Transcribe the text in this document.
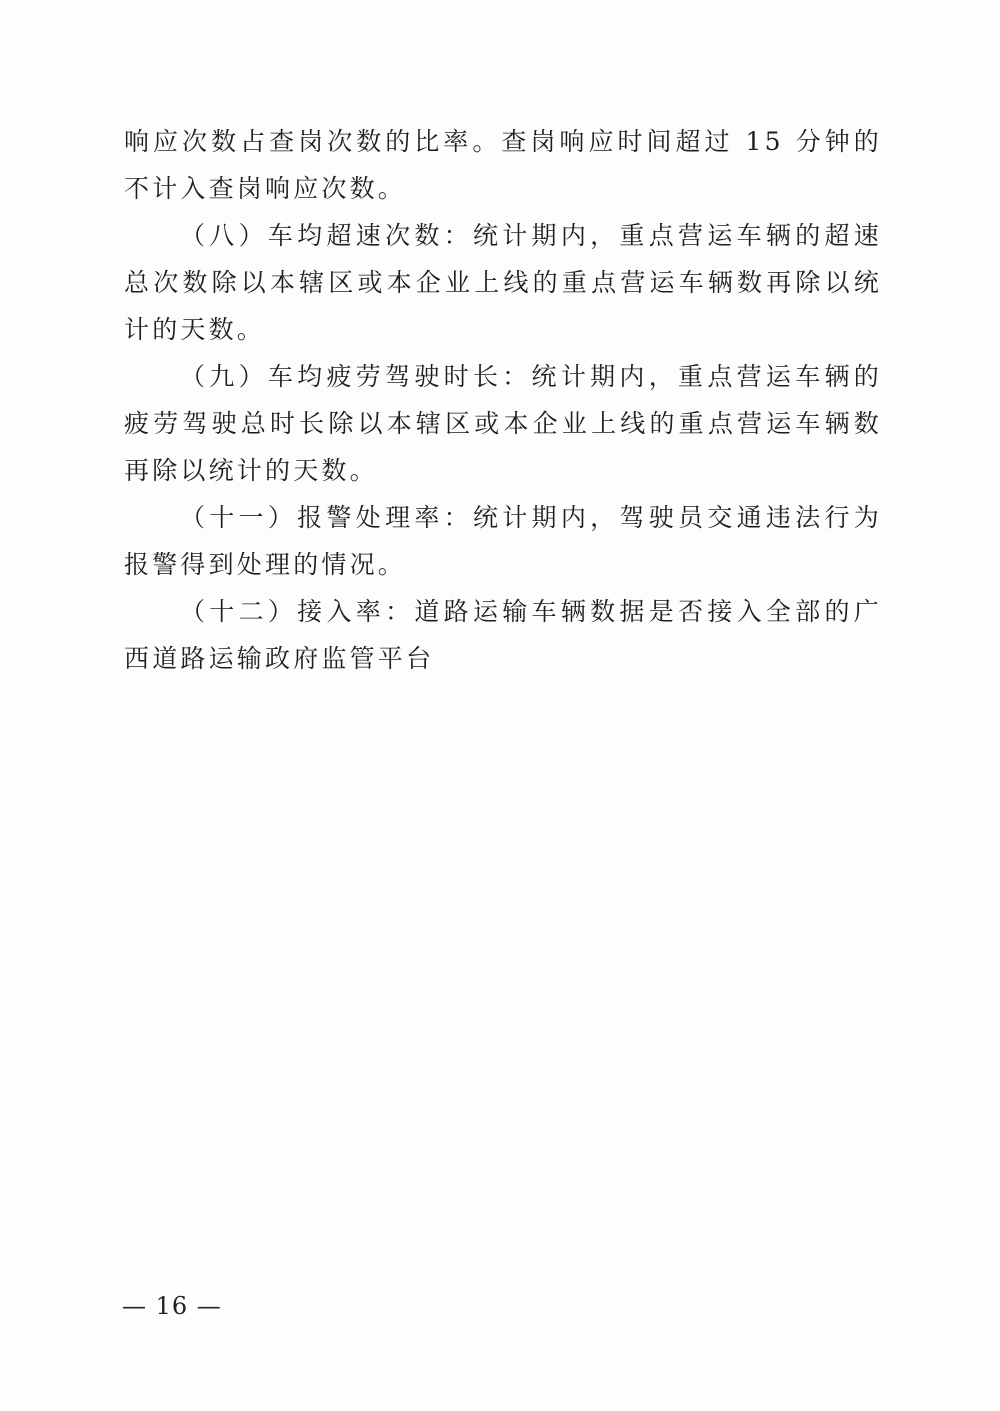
响应次数占查岗次数的比率。查岗响应时间超过 15 分钟的不计入查岗响应次数。

（八）车均超速次数：统计期内，重点营运车辆的超速总次数除以本辖区或本企业上线的重点营运车辆数再除以统计的天数。

（九）车均疲劳驾驶时长：统计期内，重点营运车辆的疲劳驾驶总时长除以本辖区或本企业上线的重点营运车辆数再除以统计的天数。

（十一）报警处理率：统计期内，驾驶员交通违法行为报警得到处理的情况。

（十二）接入率：道路运输车辆数据是否接入全部的广西道路运输政府监管平台

— 16 —
